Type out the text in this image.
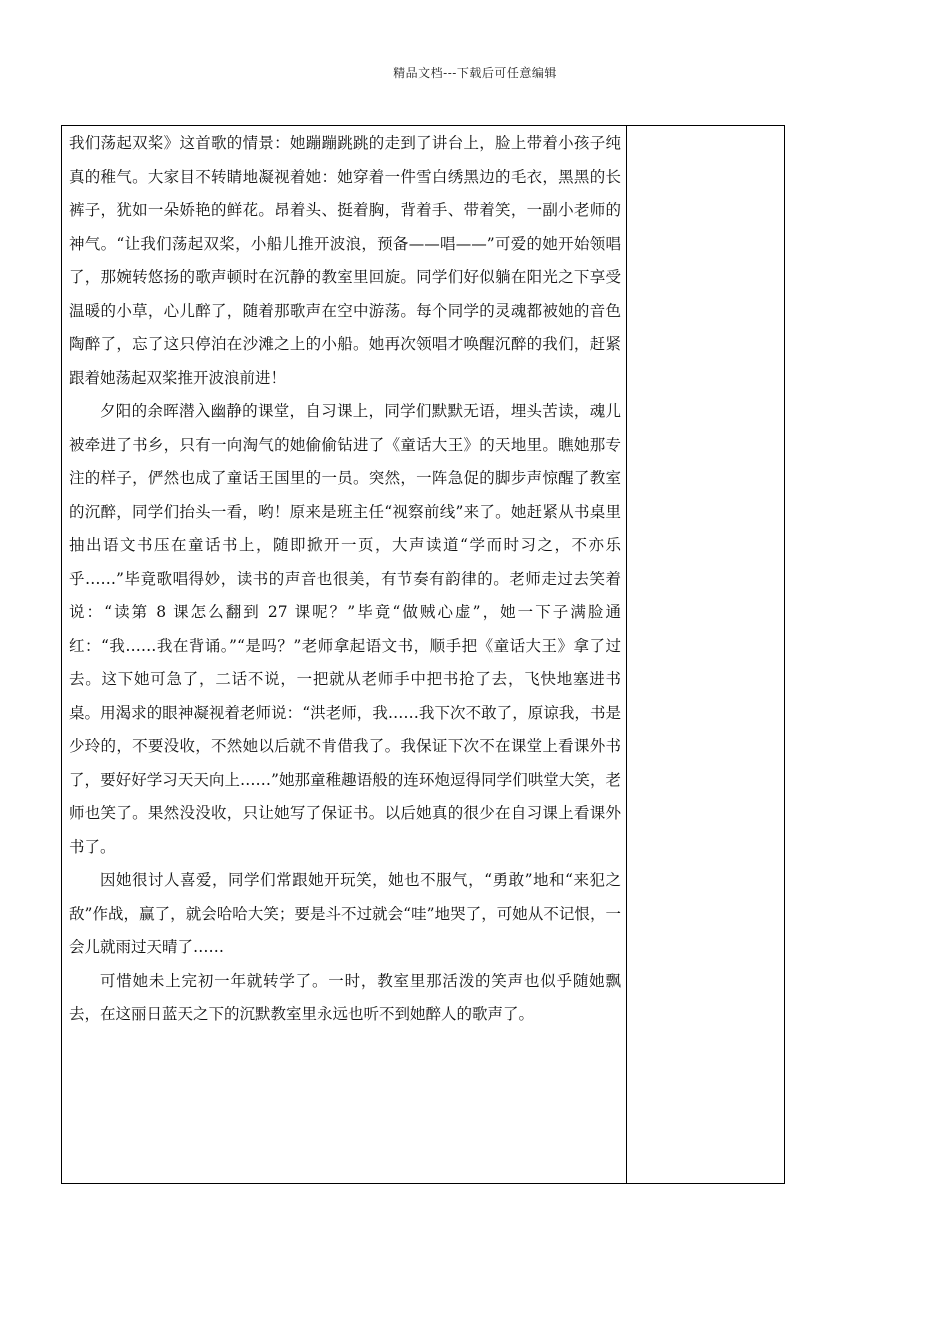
精品文档---下载后可任意编辑

我们荡起双桨》这首歌的情景：她蹦蹦跳跳的走到了讲台上，脸上带着小孩子纯真的稚气。大家目不转睛地凝视着她：她穿着一件雪白绣黑边的毛衣，黑黑的长裤子，犹如一朵娇艳的鲜花。昂着头、挺着胸，背着手、带着笑，一副小老师的神气。“让我们荡起双桨，小船儿推开波浪，预备——唱——”可爱的她开始领唱了，那婉转悠扬的歌声顿时在沉静的教室里回旋。同学们好似躺在阳光之下享受温暖的小草，心儿醉了，随着那歌声在空中游荡。每个同学的灵魂都被她的音色陶醉了，忘了这只停泊在沙滩之上的小船。她再次领唱才唤醒沉醉的我们，赶紧跟着她荡起双桨推开波浪前进！

夕阳的余晖潜入幽静的课堂，自习课上，同学们默默无语，埋头苦读，魂儿被牵进了书乡，只有一向淘气的她偷偷钻进了《童话大王》的天地里。瞧她那专注的样子，俨然也成了童话王国里的一员。突然，一阵急促的脚步声惊醒了教室的沉醉，同学们抬头一看，哟！原来是班主任“视察前线”来了。她赶紧从书桌里抽出语文书压在童话书上，随即掀开一页，大声读道“学而时习之，不亦乐乎……”毕竟歌唱得妙，读书的声音也很美，有节奏有韵律的。老师走过去笑着说：“读第 8 课怎么翻到 27 课呢？”毕竟“做贼心虚”，她一下子满脸通红：“我……我在背诵。”“是吗？”老师拿起语文书，顺手把《童话大王》拿了过去。这下她可急了，二话不说，一把就从老师手中把书抢了去，飞快地塞进书桌。用渴求的眼神凝视着老师说：“洪老师，我……我下次不敢了，原谅我，书是少玲的，不要没收，不然她以后就不肯借我了。我保证下次不在课堂上看课外书了，要好好学习天天向上……”她那童稚趣语般的连环炮逗得同学们哄堂大笑，老师也笑了。果然没没收，只让她写了保证书。以后她真的很少在自习课上看课外书了。

因她很讨人喜爱，同学们常跟她开玩笑，她也不服气，“勇敢”地和“来犯之敌”作战，赢了，就会哈哈大笑；要是斗不过就会“哇”地哭了，可她从不记恨，一会儿就雨过天晴了……

可惜她未上完初一年就转学了。一时，教室里那活泼的笑声也似乎随她飘去，在这丽日蓝天之下的沉默教室里永远也听不到她醉人的歌声了。
